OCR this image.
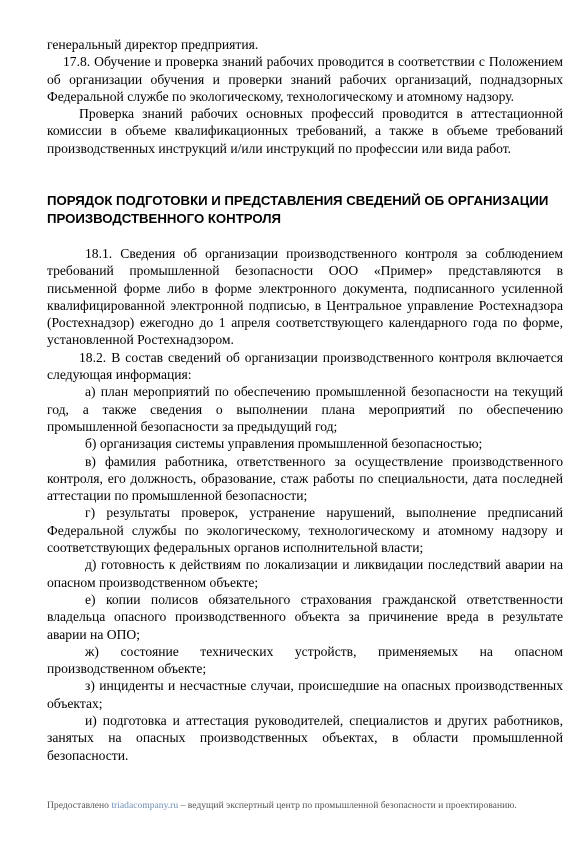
генеральный директор предприятия.

17.8. Обучение и проверка знаний рабочих проводится в соответствии с Положением об организации обучения и проверки знаний рабочих организаций, поднадзорных Федеральной службе по экологическому, технологическому и атомному надзору.

Проверка знаний рабочих основных профессий проводится в аттестационной комиссии в объеме квалификационных требований, а также в объеме требований производственных инструкций и/или инструкций по профессии или вида работ.

ПОРЯДОК ПОДГОТОВКИ И ПРЕДСТАВЛЕНИЯ СВЕДЕНИЙ ОБ ОРГАНИЗАЦИИ ПРОИЗВОДСТВЕННОГО КОНТРОЛЯ

18.1. Сведения об организации производственного контроля за соблюдением требований промышленной безопасности ООО «Пример» представляются в письменной форме либо в форме электронного документа, подписанного усиленной квалифицированной электронной подписью, в Центральное управление Ростехнадзора (Ростехнадзор) ежегодно до 1 апреля соответствующего календарного года по форме, установленной Ростехнадзором.

18.2. В состав сведений об организации производственного контроля включается следующая информация:

а) план мероприятий по обеспечению промышленной безопасности на текущий год, а также сведения о выполнении плана мероприятий по обеспечению промышленной безопасности за предыдущий год;

б) организация системы управления промышленной безопасностью;

в) фамилия работника, ответственного за осуществление производственного контроля, его должность, образование, стаж работы по специальности, дата последней аттестации по промышленной безопасности;

г) результаты проверок, устранение нарушений, выполнение предписаний Федеральной службы по экологическому, технологическому и атомному надзору и соответствующих федеральных органов исполнительной власти;

д) готовность к действиям по локализации и ликвидации последствий аварии на опасном производственном объекте;

е) копии полисов обязательного страхования гражданской ответственности владельца опасного производственного объекта за причинение вреда в результате аварии на ОПО;

ж) состояние технических устройств, применяемых на опасном производственном объекте;

з) инциденты и несчастные случаи, происшедшие на опасных производственных объектах;

и) подготовка и аттестация руководителей, специалистов и других работников, занятых на опасных производственных объектах, в области промышленной безопасности.

Предоставлено triadacompany.ru – ведущий экспертный центр по промышленной безопасности и проектированию.
